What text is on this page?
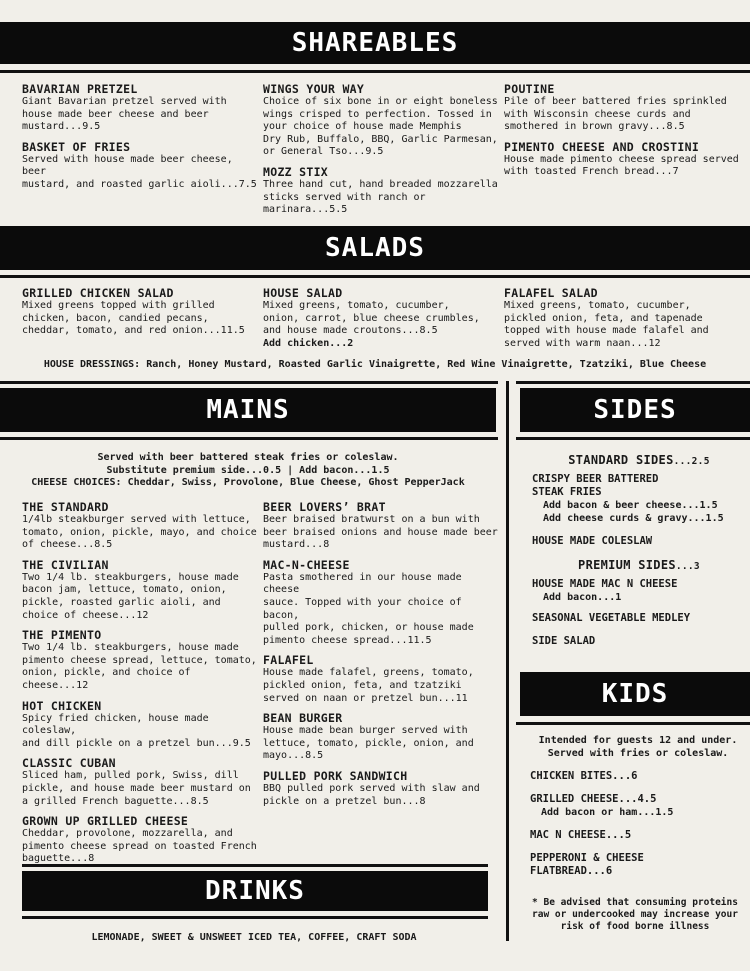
SHAREABLES
BAVARIAN PRETZEL
Giant Bavarian pretzel served with
house made beer cheese and beer
mustard...9.5
BASKET OF FRIES
Served with house made beer cheese, beer
mustard, and roasted garlic aioli...7.5
WINGS YOUR WAY
Choice of six bone in or eight boneless
wings crisped to perfection. Tossed in
your choice of house made Memphis
Dry Rub, Buffalo, BBQ, Garlic Parmesan,
or General Tso...9.5
MOZZ STIX
Three hand cut, hand breaded mozzarella
sticks served with ranch or marinara...5.5
POUTINE
Pile of beer battered fries sprinkled
with Wisconsin cheese curds and
smothered in brown gravy...8.5
PIMENTO CHEESE AND CROSTINI
House made pimento cheese spread served
with toasted French bread...7
SALADS
GRILLED CHICKEN SALAD
Mixed greens topped with grilled
chicken, bacon, candied pecans,
cheddar, tomato, and red onion...11.5
HOUSE SALAD
Mixed greens, tomato, cucumber,
onion, carrot, blue cheese crumbles,
and house made croutons...8.5
Add chicken...2
FALAFEL SALAD
Mixed greens, tomato, cucumber,
pickled onion, feta, and tapenade
topped with house made falafel and
served with warm naan...12
HOUSE DRESSINGS: Ranch, Honey Mustard, Roasted Garlic Vinaigrette, Red Wine Vinaigrette, Tzatziki, Blue Cheese
MAINS
Served with beer battered steak fries or coleslaw.
Substitute premium side...0.5 | Add bacon...1.5
CHEESE CHOICES: Cheddar, Swiss, Provolone, Blue Cheese, Ghost PepperJack
THE STANDARD
1/4lb steakburger served with lettuce,
tomato, onion, pickle, mayo, and choice
of cheese...8.5
THE CIVILIAN
Two 1/4 lb. steakburgers, house made
bacon jam, lettuce, tomato, onion,
pickle, roasted garlic aioli, and
choice of cheese...12
THE PIMENTO
Two 1/4 lb. steakburgers, house made
pimento cheese spread, lettuce, tomato,
onion, pickle, and choice of cheese...12
HOT CHICKEN
Spicy fried chicken, house made coleslaw,
and dill pickle on a pretzel bun...9.5
CLASSIC CUBAN
Sliced ham, pulled pork, Swiss, dill
pickle, and house made beer mustard on
a grilled French baguette...8.5
GROWN UP GRILLED CHEESE
Cheddar, provolone, mozzarella, and
pimento cheese spread on toasted French
baguette...8
BEER LOVERS’ BRAT
Beer braised bratwurst on a bun with
beer braised onions and house made beer
mustard...8
MAC-N-CHEESE
Pasta smothered in our house made cheese
sauce. Topped with your choice of bacon,
pulled pork, chicken, or house made
pimento cheese spread...11.5
FALAFEL
House made falafel, greens, tomato,
pickled onion, feta, and tzatziki
served on naan or pretzel bun...11
BEAN BURGER
House made bean burger served with
lettuce, tomato, pickle, onion, and
mayo...8.5
PULLED PORK SANDWICH
BBQ pulled pork served with slaw and
pickle on a pretzel bun...8
SIDES
STANDARD SIDES...2.5
CRISPY BEER BATTERED
STEAK FRIES
Add bacon & beer cheese...1.5
Add cheese curds & gravy...1.5
HOUSE MADE COLESLAW
PREMIUM SIDES...3
HOUSE MADE MAC N CHEESE
Add bacon...1
SEASONAL VEGETABLE MEDLEY
SIDE SALAD
KIDS
Intended for guests 12 and under.
Served with fries or coleslaw.
CHICKEN BITES...6
GRILLED CHEESE...4.5
Add bacon or ham...1.5
MAC N CHEESE...5
PEPPERONI & CHEESE
FLATBREAD...6
* Be advised that consuming proteins
raw or undercooked may increase your
risk of food borne illness
DRINKS
LEMONADE, SWEET & UNSWEET ICED TEA, COFFEE, CRAFT SODA
